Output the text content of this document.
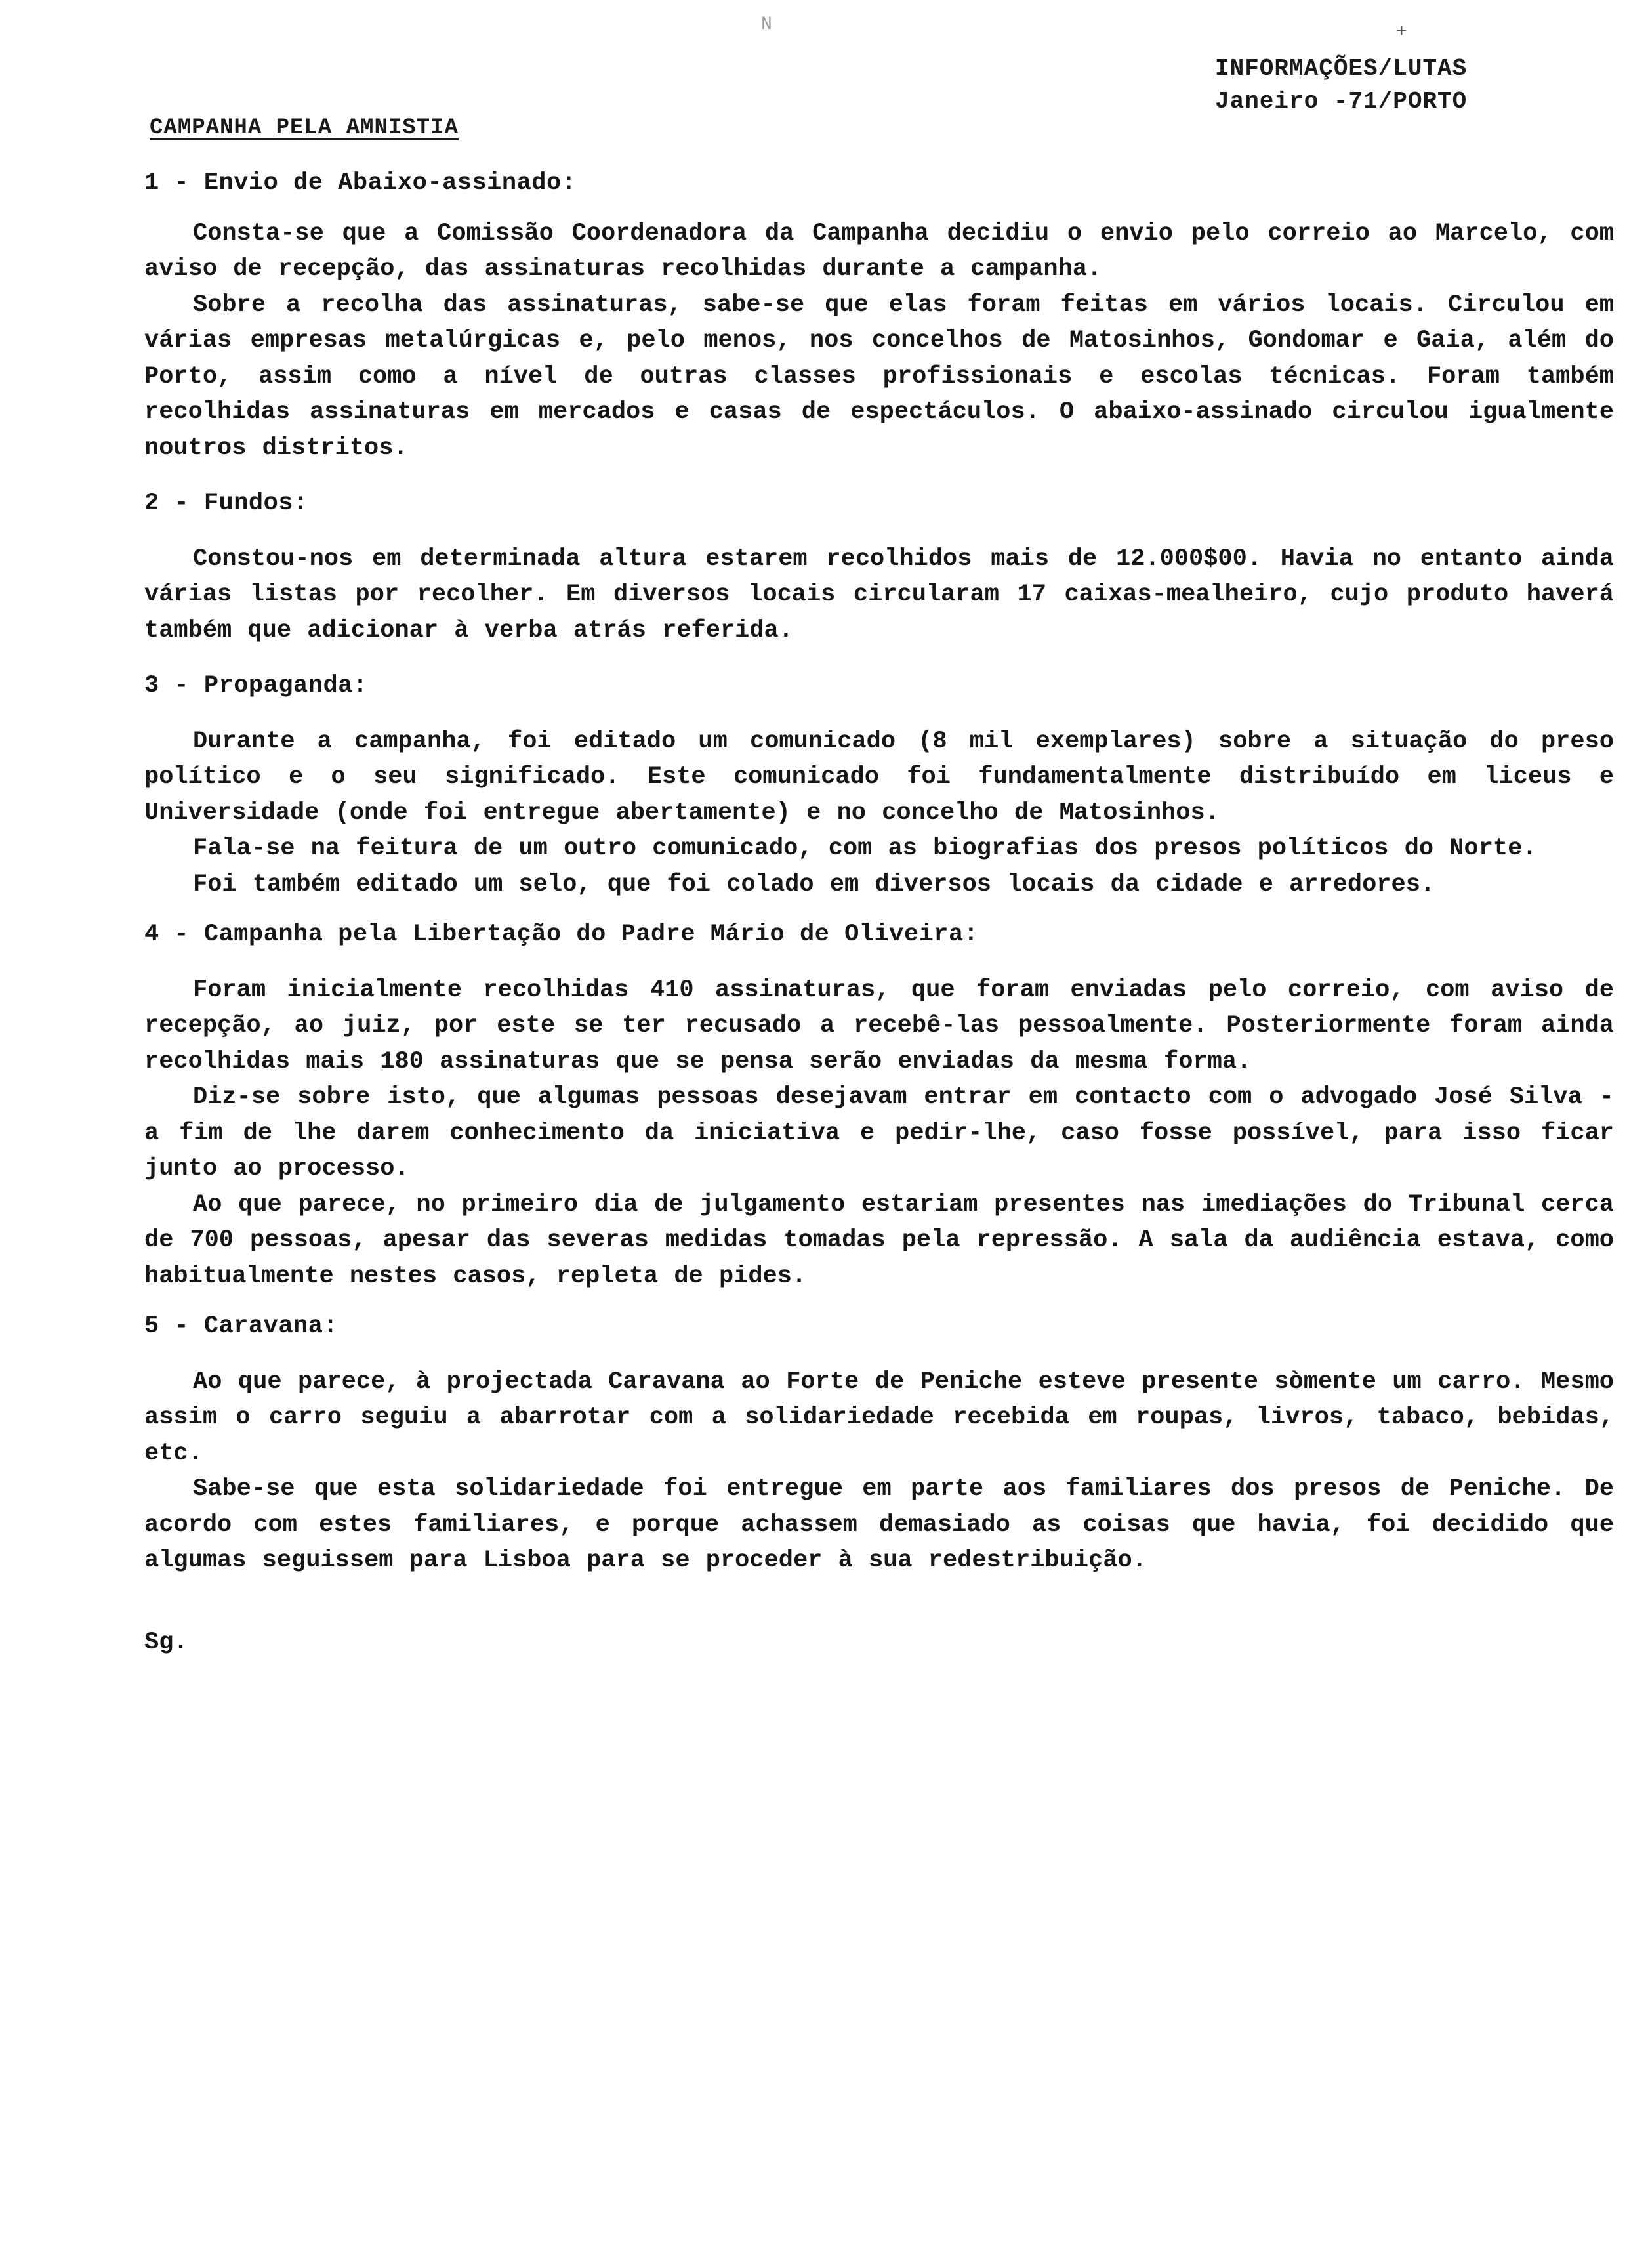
N	+
INFORMAÇÕES/LUTAS
Janeiro -71/PORTO
CAMPANHA PELA AMNISTIA

1 - Envio de Abaixo-assinado:

Consta-se que a Comissão Coordenadora da Campanha decidiu o envio pelo correio ao Marcelo, com aviso de recepção, das assinaturas recolhidas durante a campanha.

Sobre a recolha das assinaturas, sabe-se que elas foram feitas em vários locais. Circulou em várias empresas metalúrgicas e, pelo menos, nos concelhos de Matosinhos, Gondomar e Gaia, além do Porto, assim como a nível de outras classes profissionais e escolas técnicas. Foram também recolhidas assinaturas em mercados e casas de espectáculos. O abaixo-assinado circulou igualmente noutros distritos.

2 - Fundos:

Constou-nos em determinada altura estarem recolhidos mais de 12.000$00. Havia no entanto ainda várias listas por recolher. Em diversos locais circularam 17 caixas-mealheiro, cujo produto haverá também que adicionar à verba atrás referida.

3 - Propaganda:

Durante a campanha, foi editado um comunicado (8 mil exemplares) sobre a situação do preso político e o seu significado. Este comunicado foi fundamentalmente distribuído em liceus e Universidade (onde foi entregue abertamente) e no concelho de Matosinhos.

Fala-se na feitura de um outro comunicado, com as biografias dos presos políticos do Norte.

Foi também editado um selo, que foi colado em diversos locais da cidade e arredores.

4 - Campanha pela Libertação do Padre Mário de Oliveira:

Foram inicialmente recolhidas 410 assinaturas, que foram enviadas pelo correio, com aviso de recepção, ao juiz, por este se ter recusado a recebê-las pessoalmente. Posteriormente foram ainda recolhidas mais 180 assinaturas que se pensa serão enviadas da mesma forma.

Diz-se sobre isto, que algumas pessoas desejavam entrar em contacto com o advogado José Silva - a fim de lhe darem conhecimento da iniciativa e pedir-lhe, caso fosse possível, para isso ficar junto ao processo.

Ao que parece, no primeiro dia de julgamento estariam presentes nas imediações do Tribunal cerca de 700 pessoas, apesar das severas medidas tomadas pela repressão. A sala da audiência estava, como habitualmente nestes casos, repleta de pides.

5 - Caravana:

Ao que parece, à projectada Caravana ao Forte de Peniche esteve presente sòmente um carro. Mesmo assim o carro seguiu a abarrotar com a solidariedade recebida em roupas, livros, tabaco, bebidas, etc.

Sabe-se que esta solidariedade foi entregue em parte aos familiares dos presos de Peniche. De acordo com estes familiares, e porque achassem demasiado as coisas que havia, foi decidido que algumas seguissem para Lisboa para se proceder à sua redestribuição.

Sg.
